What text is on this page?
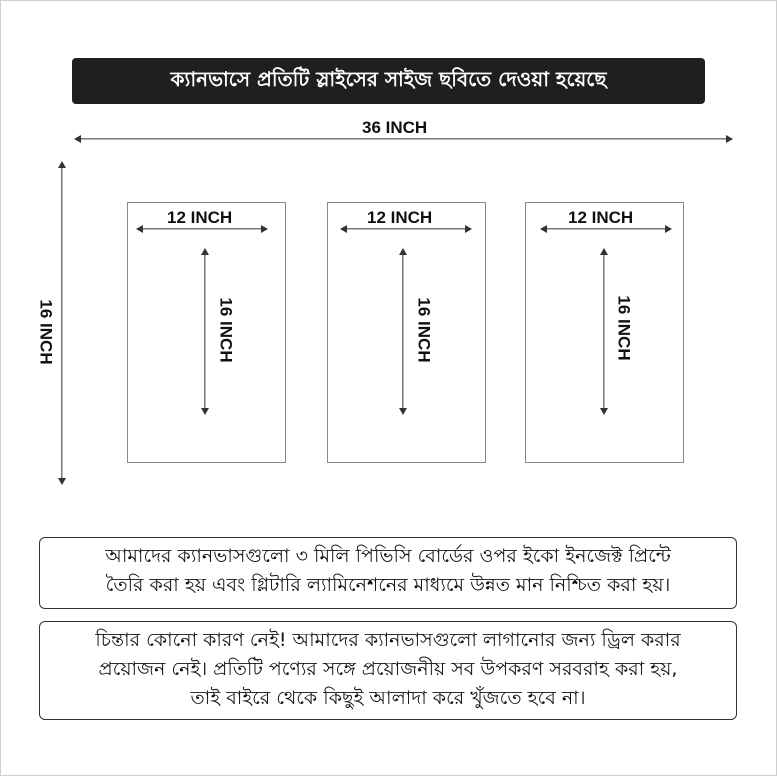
ক্যানভাসে প্রতিটি স্লাইসের সাইজ ছবিতে দেওয়া হয়েছে
36 INCH
16 INCH
12 INCH
16 INCH
12 INCH
16 INCH
12 INCH
16 INCH

আমাদের ক্যানভাসগুলো ৩ মিলি পিভিসি বোর্ডের ওপর ইকো ইনজেক্ট প্রিন্টে

তৈরি করা হয় এবং গ্লিটারি ল্যামিনেশনের মাধ্যমে উন্নত মান নিশ্চিত করা হয়।

চিন্তার কোনো কারণ নেই! আমাদের ক্যানভাসগুলো লাগানোর জন্য ড্রিল করার

প্রয়োজন নেই। প্রতিটি পণ্যের সঙ্গে প্রয়োজনীয় সব উপকরণ সরবরাহ করা হয়,

তাই বাইরে থেকে কিছুই আলাদা করে খুঁজতে হবে না।
